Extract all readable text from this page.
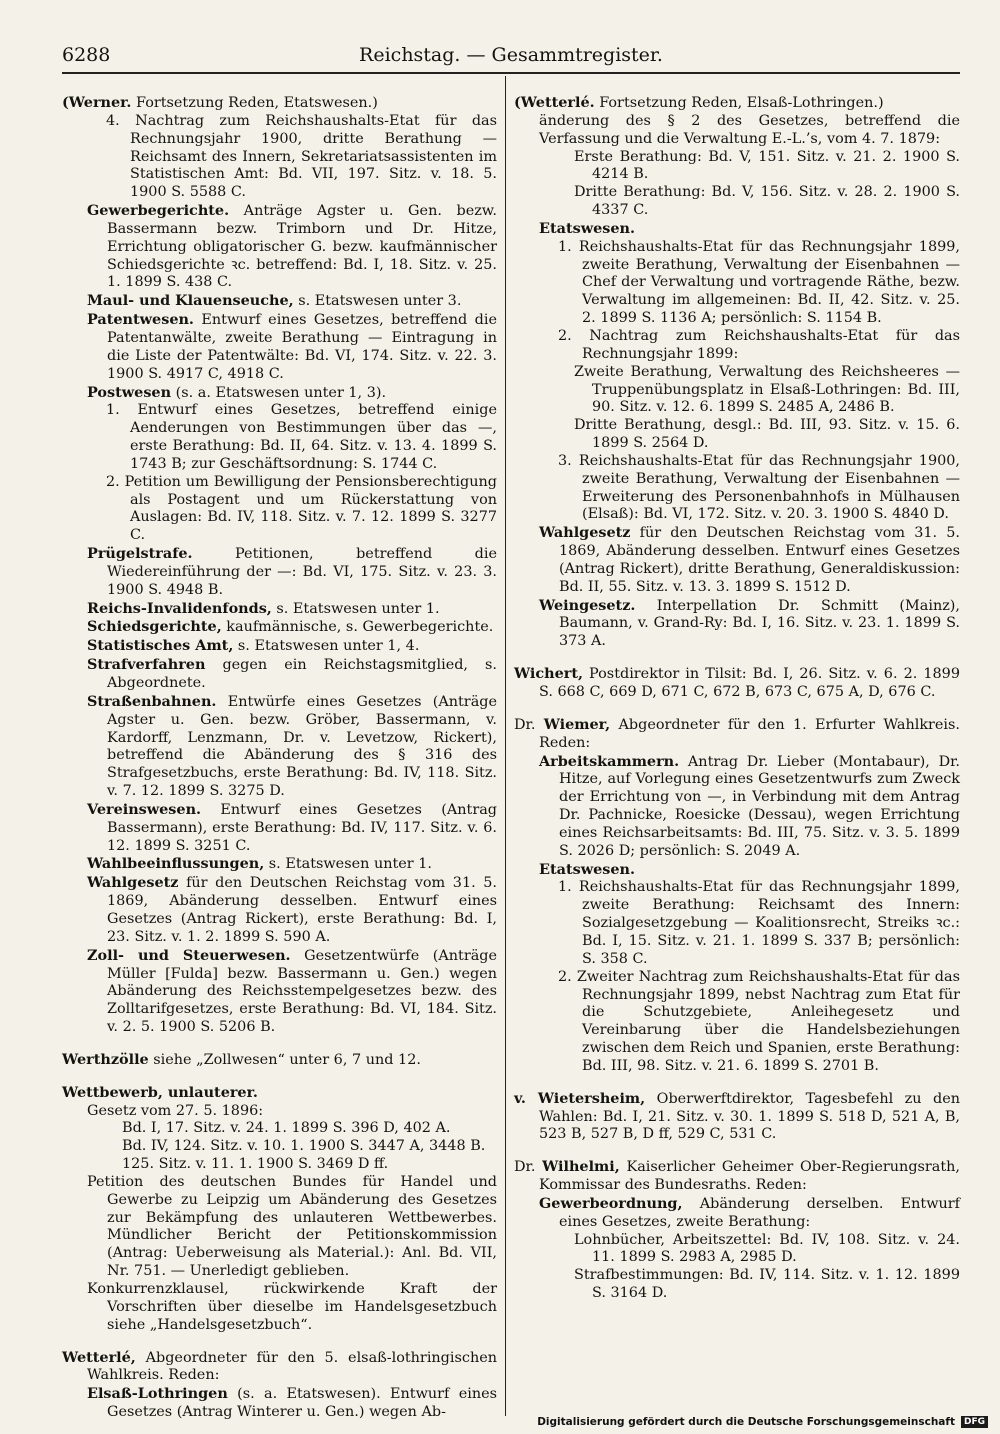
6288	Reichstag. — Gesammtregister.

(Werner. Fortsetzung Reden, Etatswesen.)

4. Nachtrag zum Reichshaushalts-Etat für das Rechnungsjahr 1900, dritte Berathung — Reichsamt des Innern, Sekretariatsassistenten im Statistischen Amt: Bd. VII, 197. Sitz. v. 18. 5. 1900 S. 5588 C.

Gewerbegerichte. Anträge Agster u. Gen. bezw. Bassermann bezw. Trimborn und Dr. Hitze, Errichtung obligatorischer G. bezw. kaufmännischer Schiedsgerichte ꝛc. betreffend: Bd. I, 18. Sitz. v. 25. 1. 1899 S. 438 C.

Maul- und Klauenseuche, s. Etatswesen unter 3.

Patentwesen. Entwurf eines Gesetzes, betreffend die Patentanwälte, zweite Berathung — Eintragung in die Liste der Patentwälte: Bd. VI, 174. Sitz. v. 22. 3. 1900 S. 4917 C, 4918 C.

Postwesen (s. a. Etatswesen unter 1, 3).

1. Entwurf eines Gesetzes, betreffend einige Aenderungen von Bestimmungen über das —, erste Berathung: Bd. II, 64. Sitz. v. 13. 4. 1899 S. 1743 B; zur Geschäftsordnung: S. 1744 C.

2. Petition um Bewilligung der Pensionsberechtigung als Postagent und um Rückerstattung von Auslagen: Bd. IV, 118. Sitz. v. 7. 12. 1899 S. 3277 C.

Prügelstrafe. Petitionen, betreffend die Wiedereinführung der —: Bd. VI, 175. Sitz. v. 23. 3. 1900 S. 4948 B.

Reichs-Invalidenfonds, s. Etatswesen unter 1.

Schiedsgerichte, kaufmännische, s. Gewerbegerichte.

Statistisches Amt, s. Etatswesen unter 1, 4.

Strafverfahren gegen ein Reichstagsmitglied, s. Abgeordnete.

Straßenbahnen. Entwürfe eines Gesetzes (Anträge Agster u. Gen. bezw. Gröber, Bassermann, v. Kardorff, Lenzmann, Dr. v. Levetzow, Rickert), betreffend die Abänderung des § 316 des Strafgesetzbuchs, erste Berathung: Bd. IV, 118. Sitz. v. 7. 12. 1899 S. 3275 D.

Vereinswesen. Entwurf eines Gesetzes (Antrag Bassermann), erste Berathung: Bd. IV, 117. Sitz. v. 6. 12. 1899 S. 3251 C.

Wahlbeeinflussungen, s. Etatswesen unter 1.

Wahlgesetz für den Deutschen Reichstag vom 31. 5. 1869, Abänderung desselben. Entwurf eines Gesetzes (Antrag Rickert), erste Berathung: Bd. I, 23. Sitz. v. 1. 2. 1899 S. 590 A.

Zoll- und Steuerwesen. Gesetzentwürfe (Anträge Müller [Fulda] bezw. Bassermann u. Gen.) wegen Abänderung des Reichsstempelgesetzes bezw. des Zolltarifgesetzes, erste Berathung: Bd. VI, 184. Sitz. v. 2. 5. 1900 S. 5206 B.

Werthzölle siehe „Zollwesen“ unter 6, 7 und 12.

Wettbewerb, unlauterer.

Gesetz vom 27. 5. 1896:

Bd. I, 17. Sitz. v. 24. 1. 1899 S. 396 D, 402 A.

Bd. IV, 124. Sitz. v. 10. 1. 1900 S. 3447 A, 3448 B.

125. Sitz. v. 11. 1. 1900 S. 3469 D ff.

Petition des deutschen Bundes für Handel und Gewerbe zu Leipzig um Abänderung des Gesetzes zur Bekämpfung des unlauteren Wettbewerbes. Mündlicher Bericht der Petitionskommission (Antrag: Ueberweisung als Material.): Anl. Bd. VII, Nr. 751. — Unerledigt geblieben.

Konkurrenzklausel, rückwirkende Kraft der Vorschriften über dieselbe im Handelsgesetzbuch siehe „Handelsgesetzbuch“.

Wetterlé, Abgeordneter für den 5. elsaß-lothringischen Wahlkreis. Reden:

Elsaß-Lothringen (s. a. Etatswesen). Entwurf eines Gesetzes (Antrag Winterer u. Gen.) wegen Ab-

(Wetterlé. Fortsetzung Reden, Elsaß-Lothringen.)

änderung des § 2 des Gesetzes, betreffend die Verfassung und die Verwaltung E.-L.’s, vom 4. 7. 1879:

Erste Berathung: Bd. V, 151. Sitz. v. 21. 2. 1900 S. 4214 B.

Dritte Berathung: Bd. V, 156. Sitz. v. 28. 2. 1900 S. 4337 C.

Etatswesen.

1. Reichshaushalts-Etat für das Rechnungsjahr 1899, zweite Berathung, Verwaltung der Eisenbahnen — Chef der Verwaltung und vortragende Räthe, bezw. Verwaltung im allgemeinen: Bd. II, 42. Sitz. v. 25. 2. 1899 S. 1136 A; persönlich: S. 1154 B.

2. Nachtrag zum Reichshaushalts-Etat für das Rechnungsjahr 1899:

Zweite Berathung, Verwaltung des Reichsheeres — Truppenübungsplatz in Elsaß-Lothringen: Bd. III, 90. Sitz. v. 12. 6. 1899 S. 2485 A, 2486 B.

Dritte Berathung, desgl.: Bd. III, 93. Sitz. v. 15. 6. 1899 S. 2564 D.

3. Reichshaushalts-Etat für das Rechnungsjahr 1900, zweite Berathung, Verwaltung der Eisenbahnen — Erweiterung des Personenbahnhofs in Mülhausen (Elsaß): Bd. VI, 172. Sitz. v. 20. 3. 1900 S. 4840 D.

Wahlgesetz für den Deutschen Reichstag vom 31. 5. 1869, Abänderung desselben. Entwurf eines Gesetzes (Antrag Rickert), dritte Berathung, Generaldiskussion: Bd. II, 55. Sitz. v. 13. 3. 1899 S. 1512 D.

Weingesetz. Interpellation Dr. Schmitt (Mainz), Baumann, v. Grand-Ry: Bd. I, 16. Sitz. v. 23. 1. 1899 S. 373 A.

Wichert, Postdirektor in Tilsit: Bd. I, 26. Sitz. v. 6. 2. 1899 S. 668 C, 669 D, 671 C, 672 B, 673 C, 675 A, D, 676 C.

Dr. Wiemer, Abgeordneter für den 1. Erfurter Wahlkreis. Reden:

Arbeitskammern. Antrag Dr. Lieber (Montabaur), Dr. Hitze, auf Vorlegung eines Gesetzentwurfs zum Zweck der Errichtung von —, in Verbindung mit dem Antrag Dr. Pachnicke, Roesicke (Dessau), wegen Errichtung eines Reichsarbeitsamts: Bd. III, 75. Sitz. v. 3. 5. 1899 S. 2026 D; persönlich: S. 2049 A.

Etatswesen.

1. Reichshaushalts-Etat für das Rechnungsjahr 1899, zweite Berathung: Reichsamt des Innern: Sozialgesetzgebung — Koalitionsrecht, Streiks ꝛc.: Bd. I, 15. Sitz. v. 21. 1. 1899 S. 337 B; persönlich: S. 358 C.

2. Zweiter Nachtrag zum Reichshaushalts-Etat für das Rechnungsjahr 1899, nebst Nachtrag zum Etat für die Schutzgebiete, Anleihegesetz und Vereinbarung über die Handelsbeziehungen zwischen dem Reich und Spanien, erste Berathung: Bd. III, 98. Sitz. v. 21. 6. 1899 S. 2701 B.

v. Wietersheim, Oberwerftdirektor, Tagesbefehl zu den Wahlen: Bd. I, 21. Sitz. v. 30. 1. 1899 S. 518 D, 521 A, B, 523 B, 527 B, D ff, 529 C, 531 C.

Dr. Wilhelmi, Kaiserlicher Geheimer Ober-Regierungsrath, Kommissar des Bundesraths. Reden:

Gewerbeordnung, Abänderung derselben. Entwurf eines Gesetzes, zweite Berathung:

Lohnbücher, Arbeitszettel: Bd. IV, 108. Sitz. v. 24. 11. 1899 S. 2983 A, 2985 D.

Strafbestimmungen: Bd. IV, 114. Sitz. v. 1. 12. 1899 S. 3164 D.

Digitalisierung gefördert durch die Deutsche Forschungsgemeinschaft	DFG
